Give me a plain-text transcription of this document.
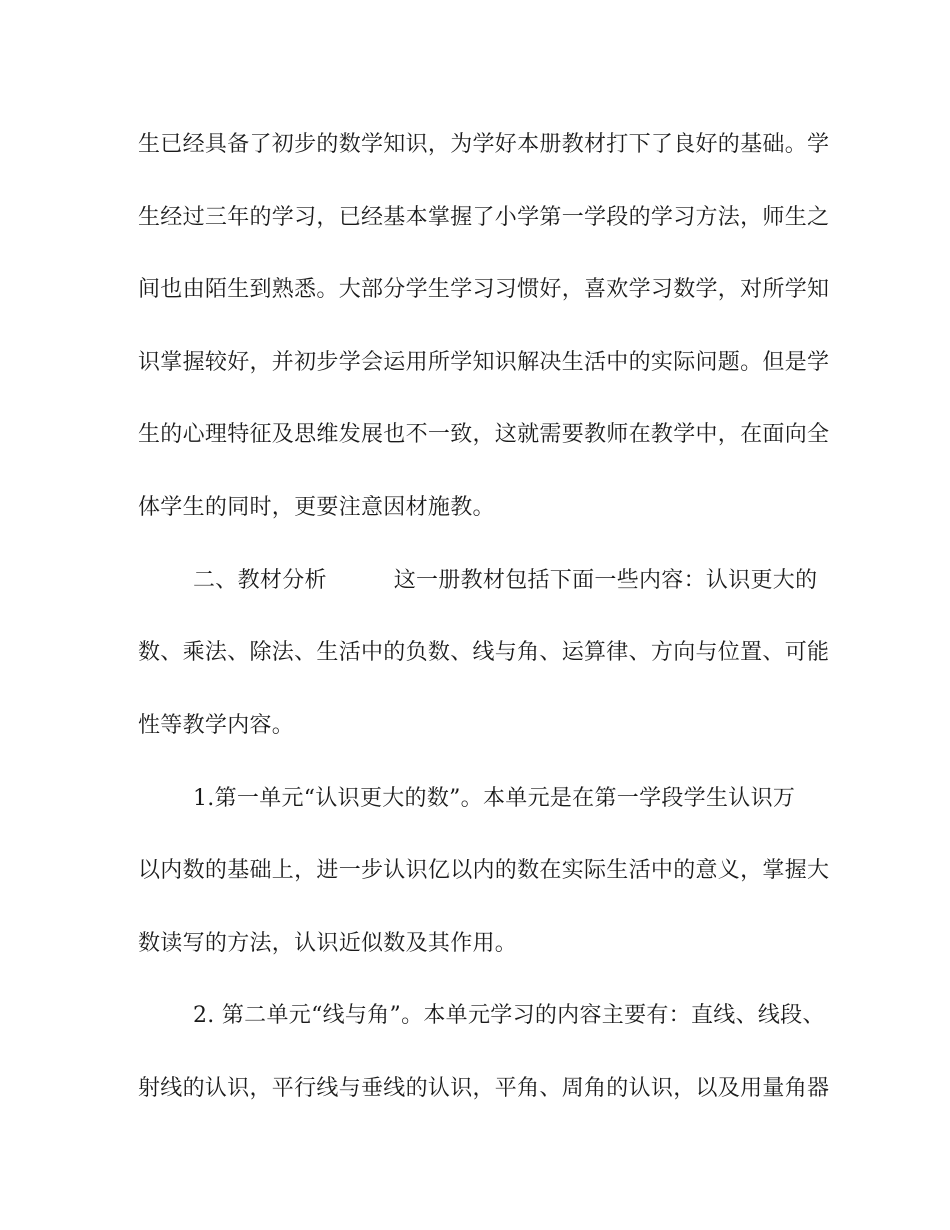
生已经具备了初步的数学知识，为学好本册教材打下了良好的基础。学
生经过三年的学习，已经基本掌握了小学第一学段的学习方法，师生之
间也由陌生到熟悉。大部分学生学习习惯好，喜欢学习数学，对所学知
识掌握较好，并初步学会运用所学知识解决生活中的实际问题。但是学
生的心理特征及思维发展也不一致，这就需要教师在教学中，在面向全
体学生的同时，更要注意因材施教。
二、教材分析　　　这一册教材包括下面一些内容：认识更大的
数、乘法、除法、生活中的负数、线与角、运算律、方向与位置、可能
性等教学内容。
1.第一单元“认识更大的数”。本单元是在第一学段学生认识万
以内数的基础上，进一步认识亿以内的数在实际生活中的意义，掌握大
数读写的方法，认识近似数及其作用。
2. 第二单元“线与角”。本单元学习的内容主要有：直线、线段、
射线的认识，平行线与垂线的认识，平角、周角的认识，以及用量角器
